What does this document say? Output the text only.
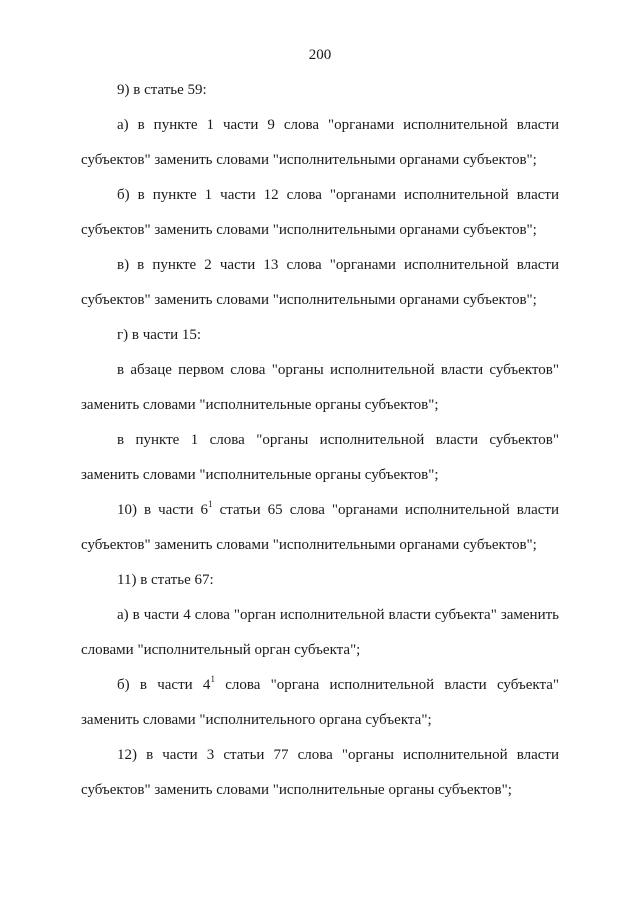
200
9) в статье 59:
а) в пункте 1 части 9 слова "органами исполнительной власти
субъектов" заменить словами "исполнительными органами субъектов";
б) в пункте 1 части 12 слова "органами исполнительной власти
субъектов" заменить словами "исполнительными органами субъектов";
в) в пункте 2 части 13 слова "органами исполнительной власти
субъектов" заменить словами "исполнительными органами субъектов";
г) в части 15:
в абзаце первом слова "органы исполнительной власти субъектов"
заменить словами "исполнительные органы субъектов";
в пункте 1 слова "органы исполнительной власти субъектов"
заменить словами "исполнительные органы субъектов";
10) в части $6^1$ статьи 65 слова "органами исполнительной власти
субъектов" заменить словами "исполнительными органами субъектов";
11) в статье 67:
а) в части 4 слова "орган исполнительной власти субъекта" заменить
словами "исполнительный орган субъекта";
б) в части $4^1$ слова "органа исполнительной власти субъекта"
заменить словами "исполнительного органа субъекта";
12) в части 3 статьи 77 слова "органы исполнительной власти
субъектов" заменить словами "исполнительные органы субъектов";
